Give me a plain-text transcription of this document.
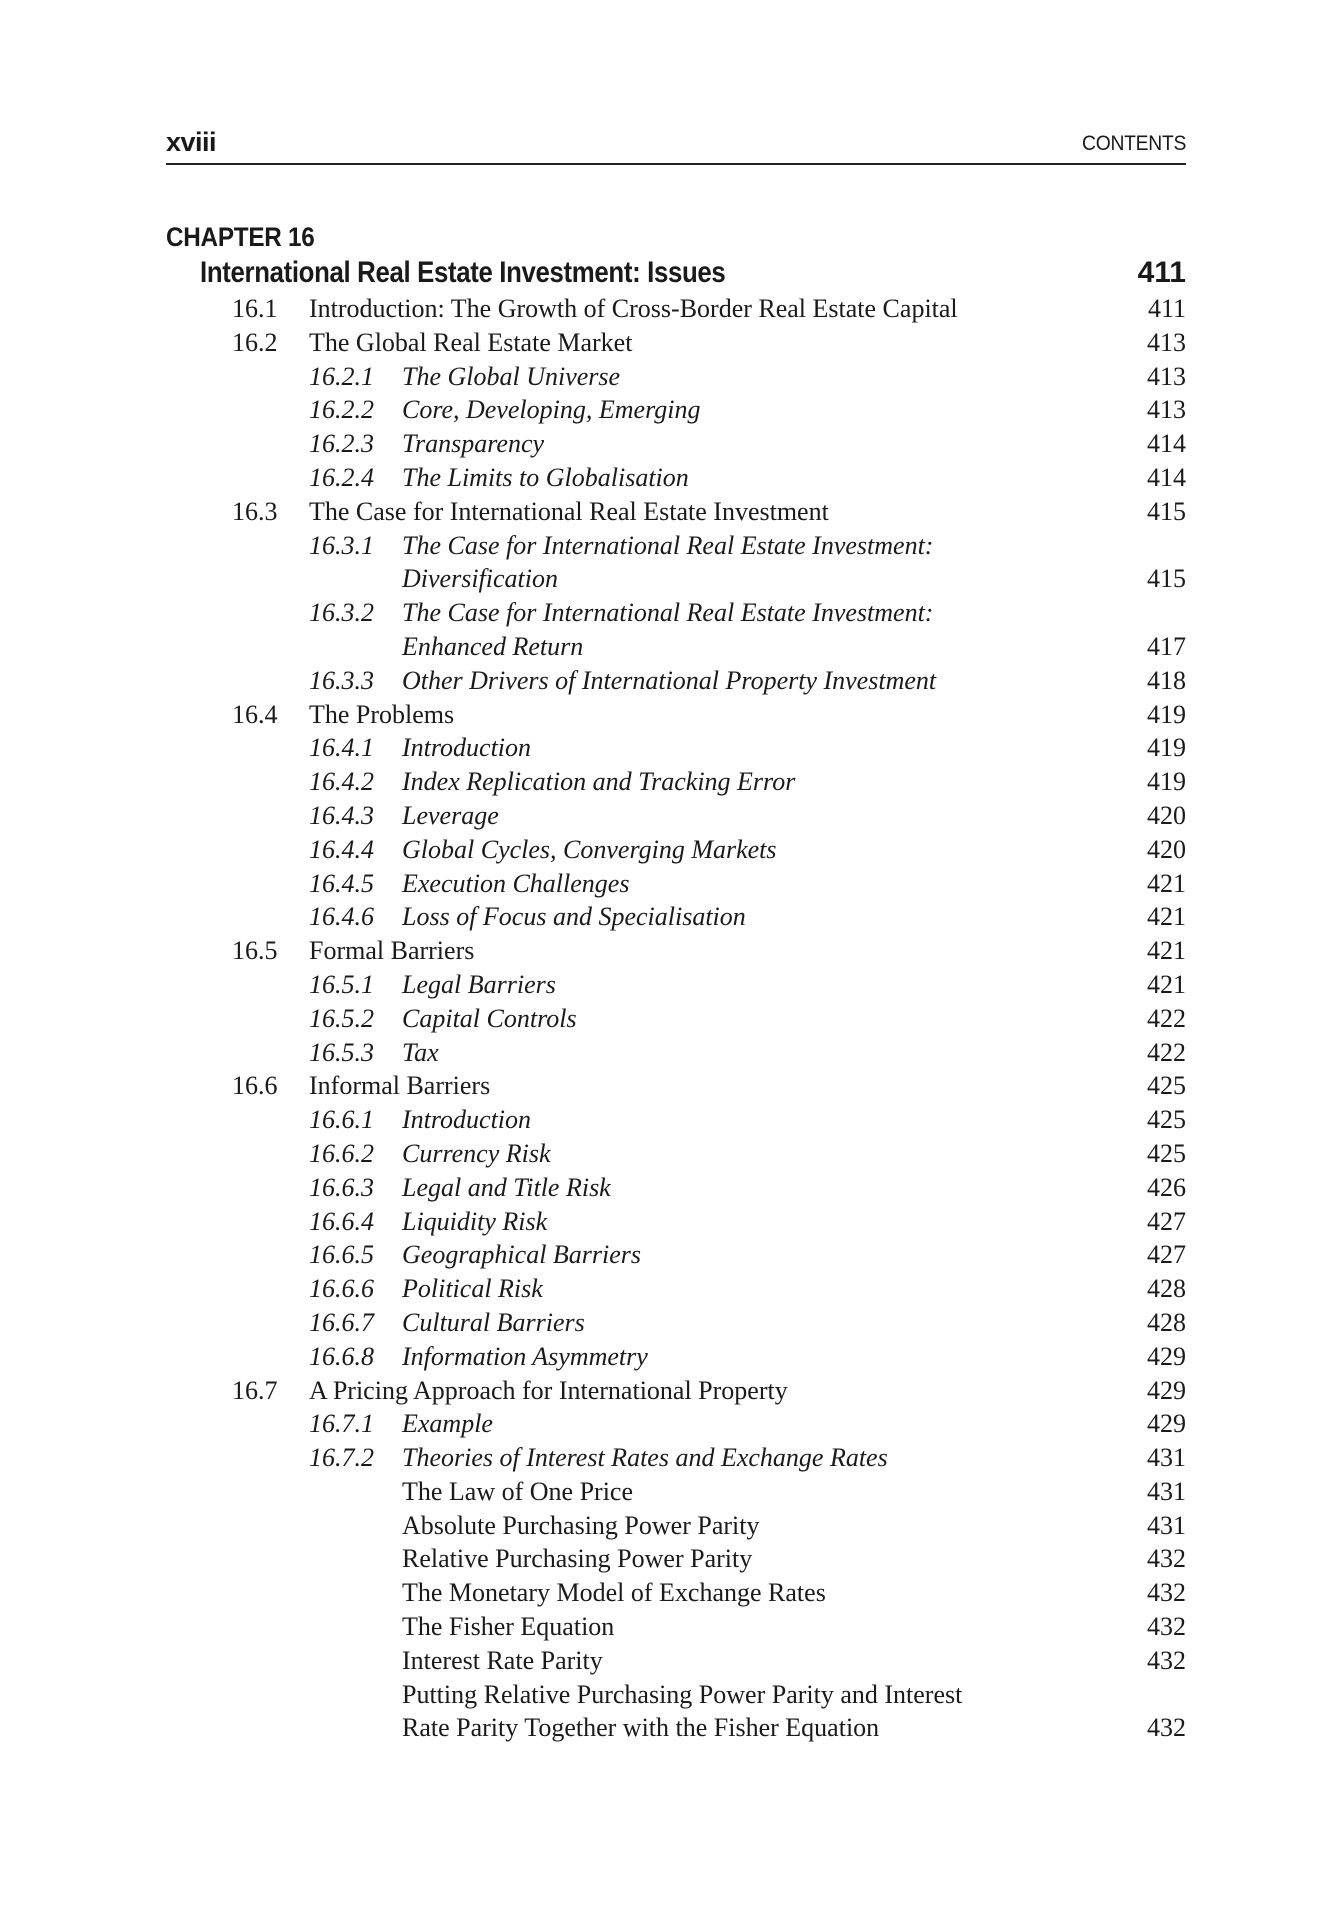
xviii	CONTENTS
CHAPTER 16
International Real Estate Investment: Issues	411
16.1 Introduction: The Growth of Cross-Border Real Estate Capital	411
16.2 The Global Real Estate Market	413
16.2.1 The Global Universe	413
16.2.2 Core, Developing, Emerging	413
16.2.3 Transparency	414
16.2.4 The Limits to Globalisation	414
16.3 The Case for International Real Estate Investment	415
16.3.1 The Case for International Real Estate Investment:
Diversification	415
16.3.2 The Case for International Real Estate Investment:
Enhanced Return	417
16.3.3 Other Drivers of International Property Investment	418
16.4 The Problems	419
16.4.1 Introduction	419
16.4.2 Index Replication and Tracking Error	419
16.4.3 Leverage	420
16.4.4 Global Cycles, Converging Markets	420
16.4.5 Execution Challenges	421
16.4.6 Loss of Focus and Specialisation	421
16.5 Formal Barriers	421
16.5.1 Legal Barriers	421
16.5.2 Capital Controls	422
16.5.3 Tax	422
16.6 Informal Barriers	425
16.6.1 Introduction	425
16.6.2 Currency Risk	425
16.6.3 Legal and Title Risk	426
16.6.4 Liquidity Risk	427
16.6.5 Geographical Barriers	427
16.6.6 Political Risk	428
16.6.7 Cultural Barriers	428
16.6.8 Information Asymmetry	429
16.7 A Pricing Approach for International Property	429
16.7.1 Example	429
16.7.2 Theories of Interest Rates and Exchange Rates	431
The Law of One Price	431
Absolute Purchasing Power Parity	431
Relative Purchasing Power Parity	432
The Monetary Model of Exchange Rates	432
The Fisher Equation	432
Interest Rate Parity	432
Putting Relative Purchasing Power Parity and Interest
Rate Parity Together with the Fisher Equation	432
